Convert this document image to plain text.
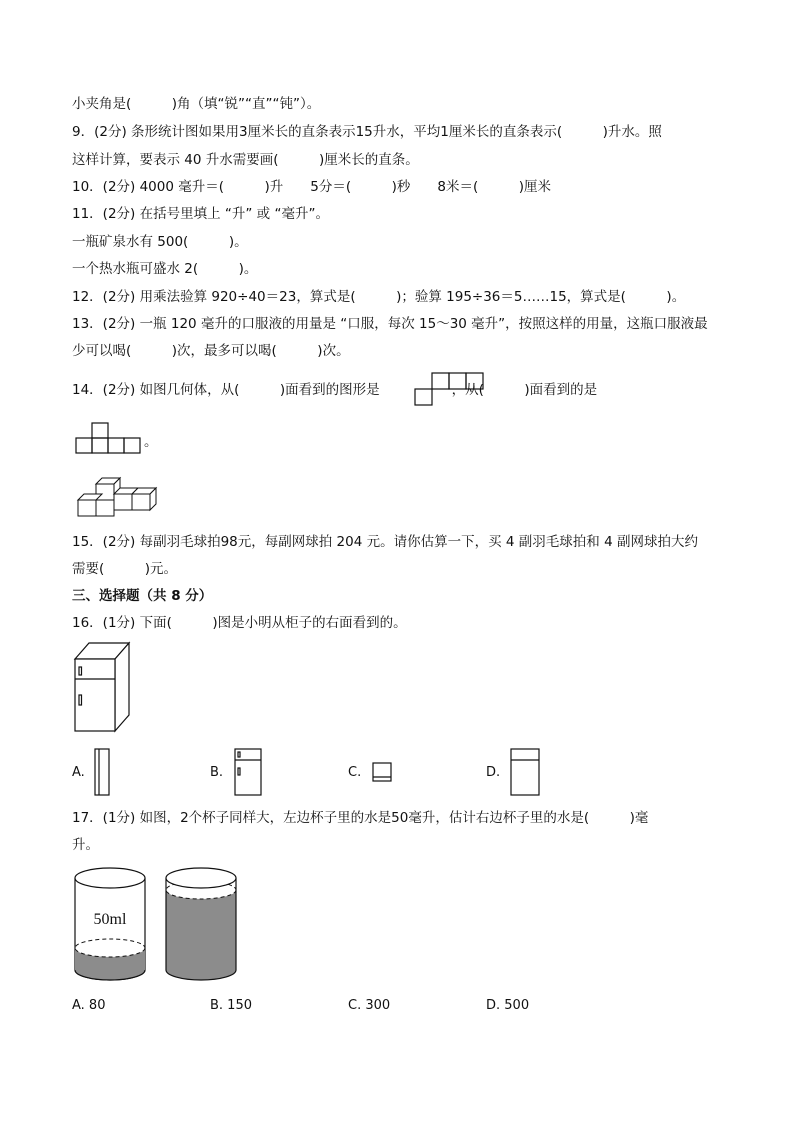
小夹角是(　　　)角（填“锐”“直”“钝”）。
9．(2分) 条形统计图如果用3厘米长的直条表示15升水，平均1厘米长的直条表示(　　　)升水。照
这样计算，要表示 40 升水需要画(　　　)厘米长的直条。
10．(2分) 4000 毫升＝(　　　)升　　5分＝(　　　)秒　　8米＝(　　　)厘米
11．(2分) 在括号里填上 “升” 或 “毫升”。
一瓶矿泉水有 500(　　　)。
一个热水瓶可盛水 2(　　　)。
12．(2分) 用乘法验算 920÷40＝23，算式是(　　　)；验算 195÷36＝5……15，算式是(　　　)。
13．(2分) 一瓶 120 毫升的口服液的用量是 “口服，每次 15～30 毫升”，按照这样的用量，这瓶口服液最
少可以喝(　　　)次，最多可以喝(　　　)次。
14．(2分) 如图几何体，从(　　　)面看到的图形是	，从(　　　)面看到的是
。
15．(2分) 每副羽毛球拍98元，每副网球拍 204 元。请你估算一下，买 4 副羽毛球拍和 4 副网球拍大约
需要(　　　)元。
三、选择题（共 8 分）
16．(1分) 下面(　　　)图是小明从柜子的右面看到的。
A.	B.	C.	D.
17．(1分) 如图，2个杯子同样大，左边杯子里的水是50毫升，估计右边杯子里的水是(　　　)毫
升。
50ml
A. 80	B. 150	C. 300	D. 500
